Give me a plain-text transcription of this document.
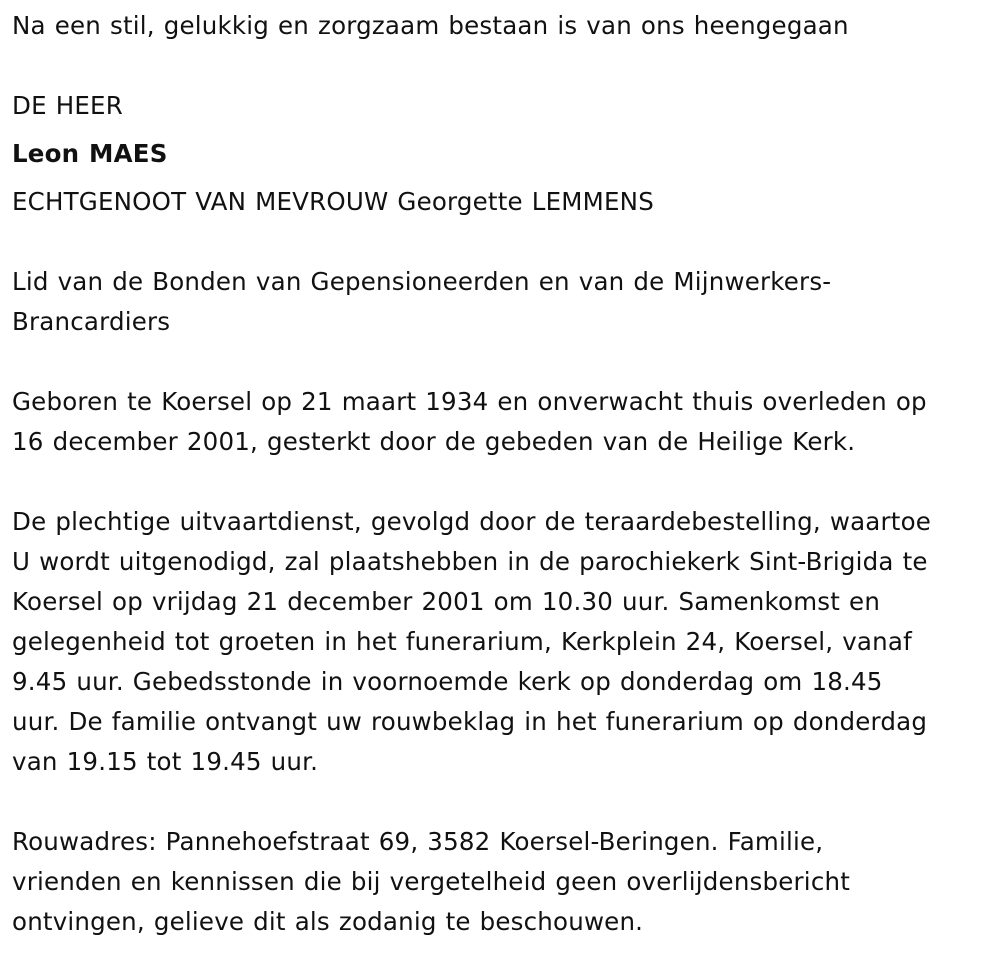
Na een stil, gelukkig en zorgzaam bestaan is van ons heengegaan

DE HEER

Leon MAES

ECHTGENOOT VAN MEVROUW Georgette LEMMENS

Lid van de Bonden van Gepensioneerden en van de Mijnwerkers-
Brancardiers

Geboren te Koersel op 21 maart 1934 en onverwacht thuis overleden op
16 december 2001, gesterkt door de gebeden van de Heilige Kerk.

De plechtige uitvaartdienst, gevolgd door de teraardebestelling, waartoe
U wordt uitgenodigd, zal plaatshebben in de parochiekerk Sint-Brigida te
Koersel op vrijdag 21 december 2001 om 10.30 uur. Samenkomst en
gelegenheid tot groeten in het funerarium, Kerkplein 24, Koersel, vanaf
9.45 uur. Gebedsstonde in voornoemde kerk op donderdag om 18.45
uur. De familie ontvangt uw rouwbeklag in het funerarium op donderdag
van 19.15 tot 19.45 uur.

Rouwadres: Pannehoefstraat 69, 3582 Koersel-Beringen. Familie,
vrienden en kennissen die bij vergetelheid geen overlijdensbericht
ontvingen, gelieve dit als zodanig te beschouwen.
